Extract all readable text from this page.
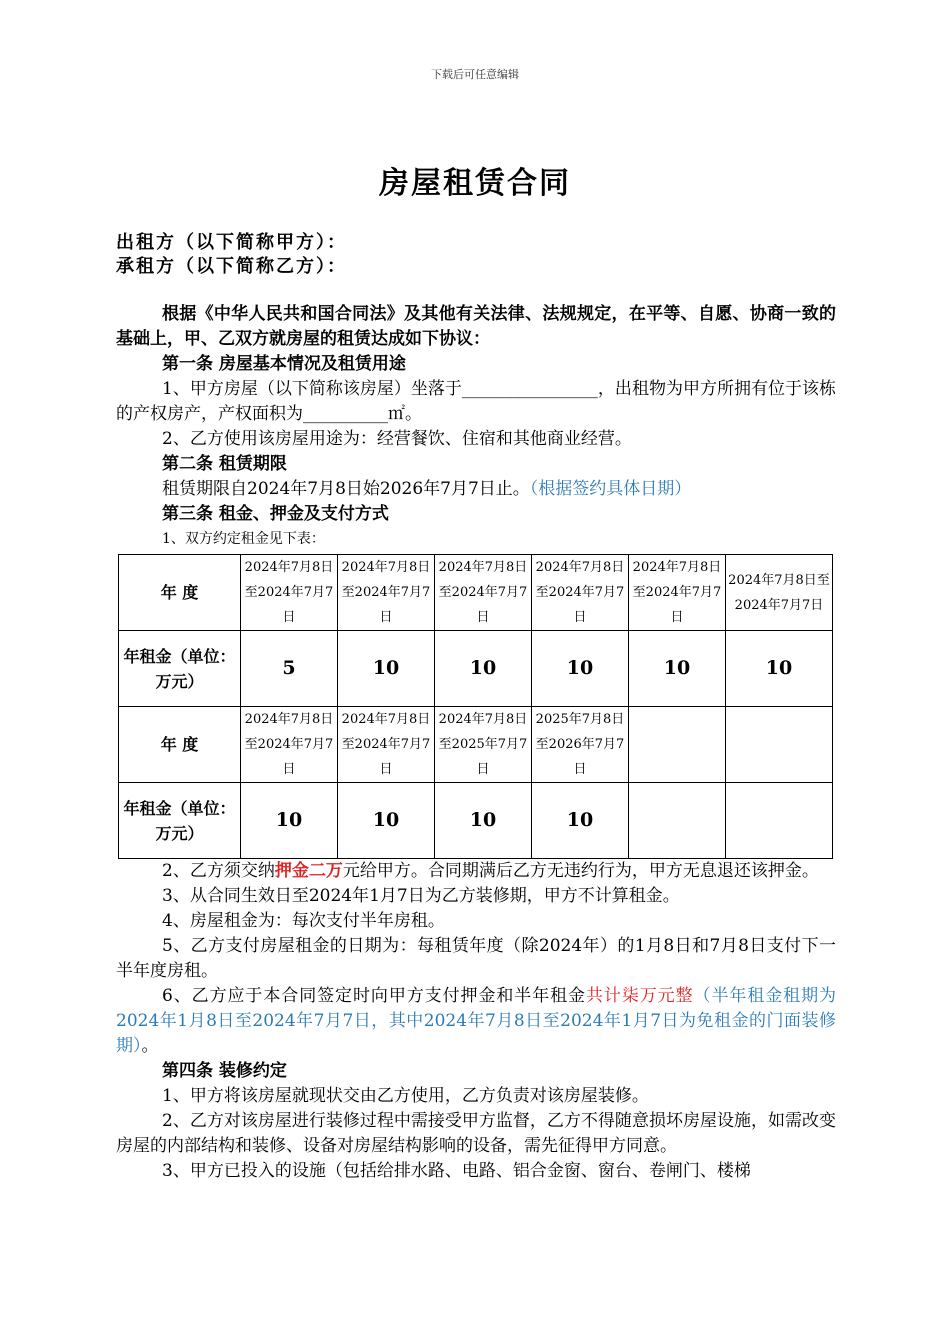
下载后可任意编辑
房屋租赁合同
出租方（以下简称甲方）：
承租方（以下简称乙方）：

根据《中华人民共和国合同法》及其他有关法律、法规规定，在平等、自愿、协商一致的基础上，甲、乙双方就房屋的租赁达成如下协议：

第一条 房屋基本情况及租赁用途

1、甲方房屋（以下简称该房屋）坐落于________________，出租物为甲方所拥有位于该栋的产权房产，产权面积为__________㎡。

2、乙方使用该房屋用途为：经营餐饮、住宿和其他商业经营。

第二条 租赁期限

租赁期限自2024年7月8日始2026年7月7日止。（根据签约具体日期）

第三条 租金、押金及支付方式

1、双方约定租金见下表：

年 度	2024年7月8日至2024年7月7日	2024年7月8日至2024年7月7日	2024年7月8日至2024年7月7日	2024年7月8日至2024年7月7日	2024年7月8日至2024年7月7日	2024年7月8日至2024年7月7日
年租金（单位：万元）	5	10	10	10	10	10
年 度	2024年7月8日至2024年7月7日	2024年7月8日至2024年7月7日	2024年7月8日至2025年7月7日	2025年7月8日至2026年7月7日		
年租金（单位：万元）	10	10	10	10		

2、乙方须交纳押金二万元给甲方。合同期满后乙方无违约行为，甲方无息退还该押金。

3、从合同生效日至2024年1月7日为乙方装修期，甲方不计算租金。

4、房屋租金为：每次支付半年房租。

5、乙方支付房屋租金的日期为：每租赁年度（除2024年）的1月8日和7月8日支付下一半年度房租。

6、乙方应于本合同签定时向甲方支付押金和半年租金共计柒万元整（半年租金租期为2024年1月8日至2024年7月7日，其中2024年7月8日至2024年1月7日为免租金的门面装修期）。

第四条 装修约定

1、甲方将该房屋就现状交由乙方使用，乙方负责对该房屋装修。

2、乙方对该房屋进行装修过程中需接受甲方监督，乙方不得随意损坏房屋设施，如需改变房屋的内部结构和装修、设备对房屋结构影响的设备，需先征得甲方同意。

3、甲方已投入的设施（包括给排水路、电路、铝合金窗、窗台、卷闸门、楼梯
